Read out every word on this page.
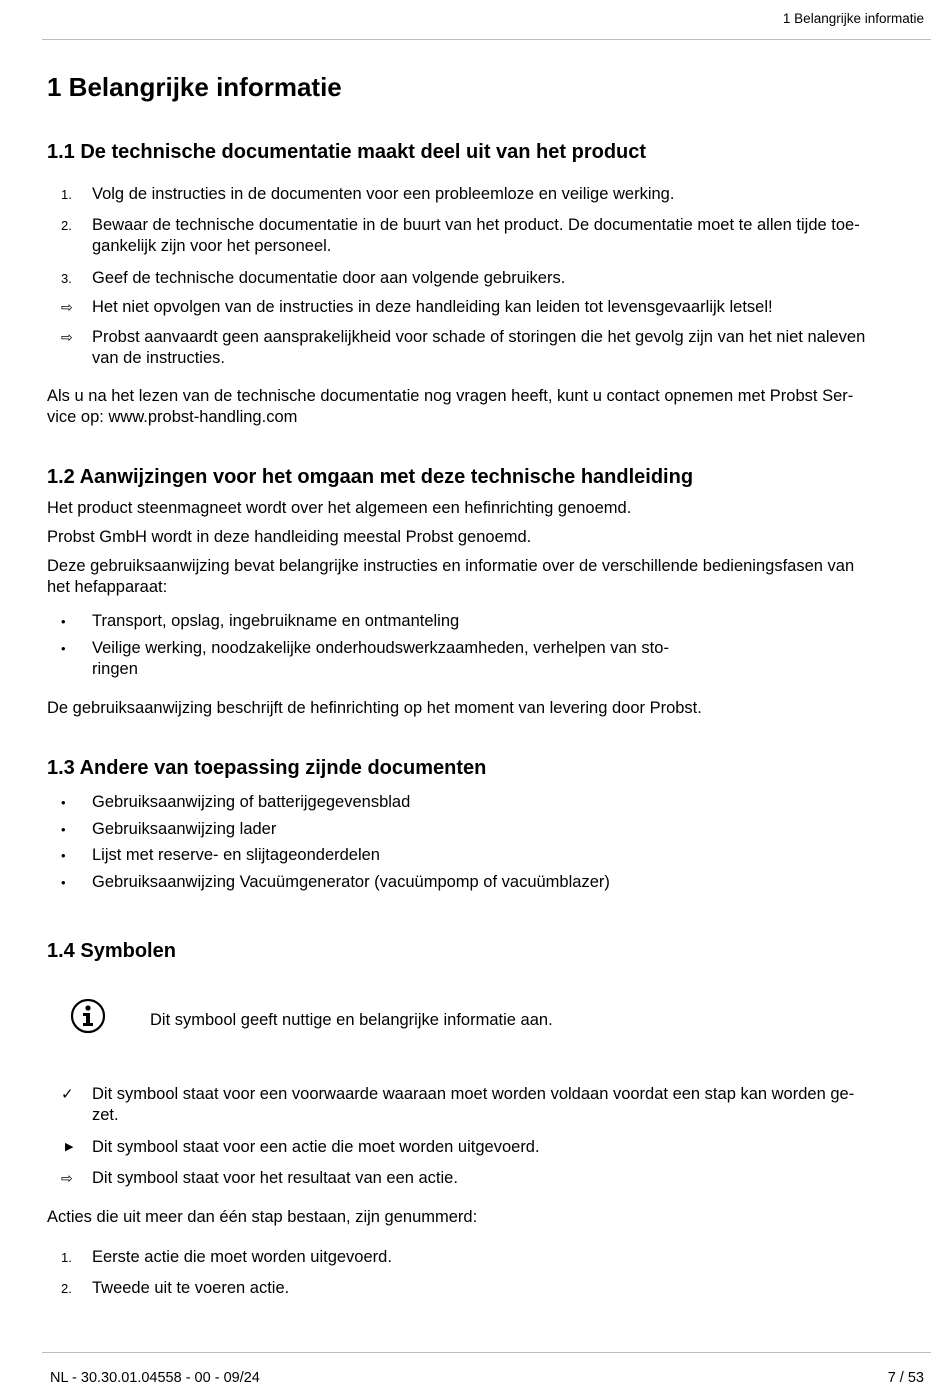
1 Belangrijke informatie
1 Belangrijke informatie
1.1 De technische documentatie maakt deel uit van het product
1.	Volg de instructies in de documenten voor een probleemloze en veilige werking.
2.	Bewaar de technische documentatie in de buurt van het product. De documentatie moet te allen tijde toe-
gankelijk zijn voor het personeel.
3.	Geef de technische documentatie door aan volgende gebruikers.
⇨	Het niet opvolgen van de instructies in deze handleiding kan leiden tot levensgevaarlijk letsel!
⇨	Probst aanvaardt geen aansprakelijkheid voor schade of storingen die het gevolg zijn van het niet naleven
van de instructies.
Als u na het lezen van de technische documentatie nog vragen heeft, kunt u contact opnemen met Probst Ser-
vice op: www.probst-handling.com
1.2 Aanwijzingen voor het omgaan met deze technische handleiding
Het product steenmagneet wordt over het algemeen een hefinrichting genoemd.
Probst GmbH wordt in deze handleiding meestal Probst genoemd.
Deze gebruiksaanwijzing bevat belangrijke instructies en informatie over de verschillende bedieningsfasen van
het hefapparaat:
•	Transport, opslag, ingebruikname en ontmanteling
•	Veilige werking, noodzakelijke onderhoudswerkzaamheden, verhelpen van sto-
ringen
De gebruiksaanwijzing beschrijft de hefinrichting op het moment van levering door Probst.
1.3 Andere van toepassing zijnde documenten
•	Gebruiksaanwijzing of batterijgegevensblad
•	Gebruiksaanwijzing lader
•	Lijst met reserve- en slijtageonderdelen
•	Gebruiksaanwijzing Vacuümgenerator (vacuümpomp of vacuümblazer)
1.4 Symbolen
Dit symbool geeft nuttige en belangrijke informatie aan.
✓	Dit symbool staat voor een voorwaarde waaraan moet worden voldaan voordat een stap kan worden ge-
zet.
▶	Dit symbool staat voor een actie die moet worden uitgevoerd.
⇨	Dit symbool staat voor het resultaat van een actie.
Acties die uit meer dan één stap bestaan, zijn genummerd:
1.	Eerste actie die moet worden uitgevoerd.
2.	Tweede uit te voeren actie.
NL - 30.30.01.04558 - 00 - 09/24	7 / 53
